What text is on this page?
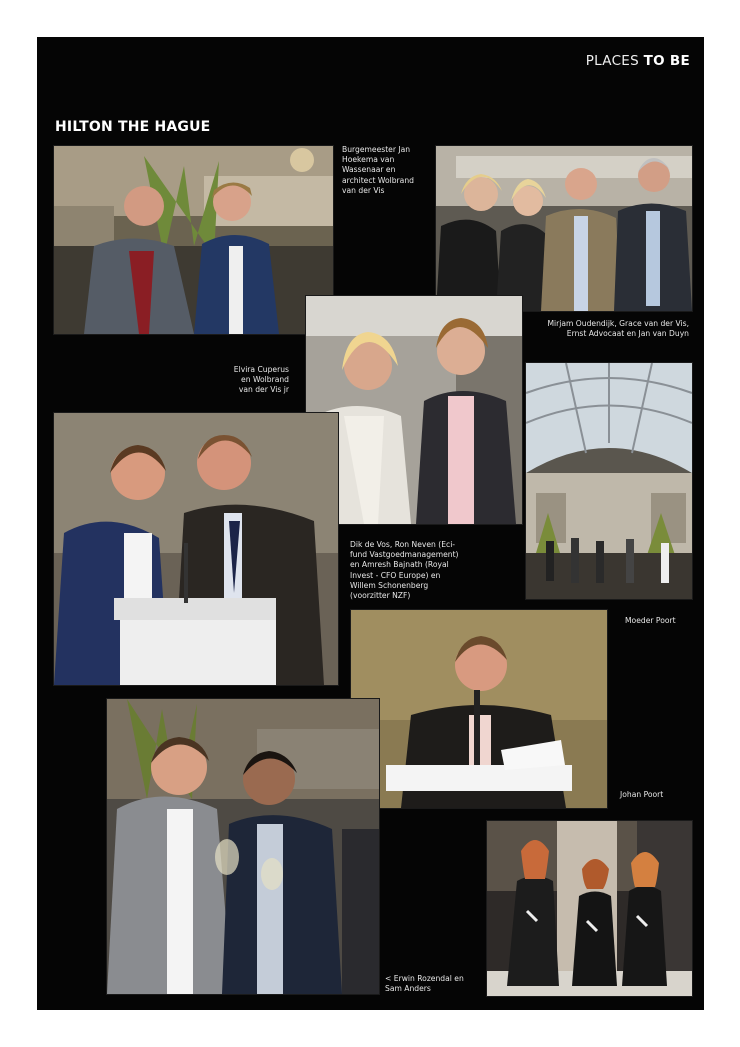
PLACES TO BE
HILTON THE HAGUE
Burgemeester Jan
Hoekema van
Wassenaar en
architect Wolbrand
van der Vis
Mirjam Oudendijk, Grace van der Vis,
Ernst Advocaat en Jan van Duyn
Elvira Cuperus
en Wolbrand
van der Vis jr
Dik de Vos, Ron Neven (Eci-
fund Vastgoedmanagement)
en Amresh Bajnath (Royal
Invest - CFO Europe) en
Willem Schonenberg
(voorzitter NZF)
Moeder Poort
Johan Poort
< Erwin Rozendal en
Sam Anders
